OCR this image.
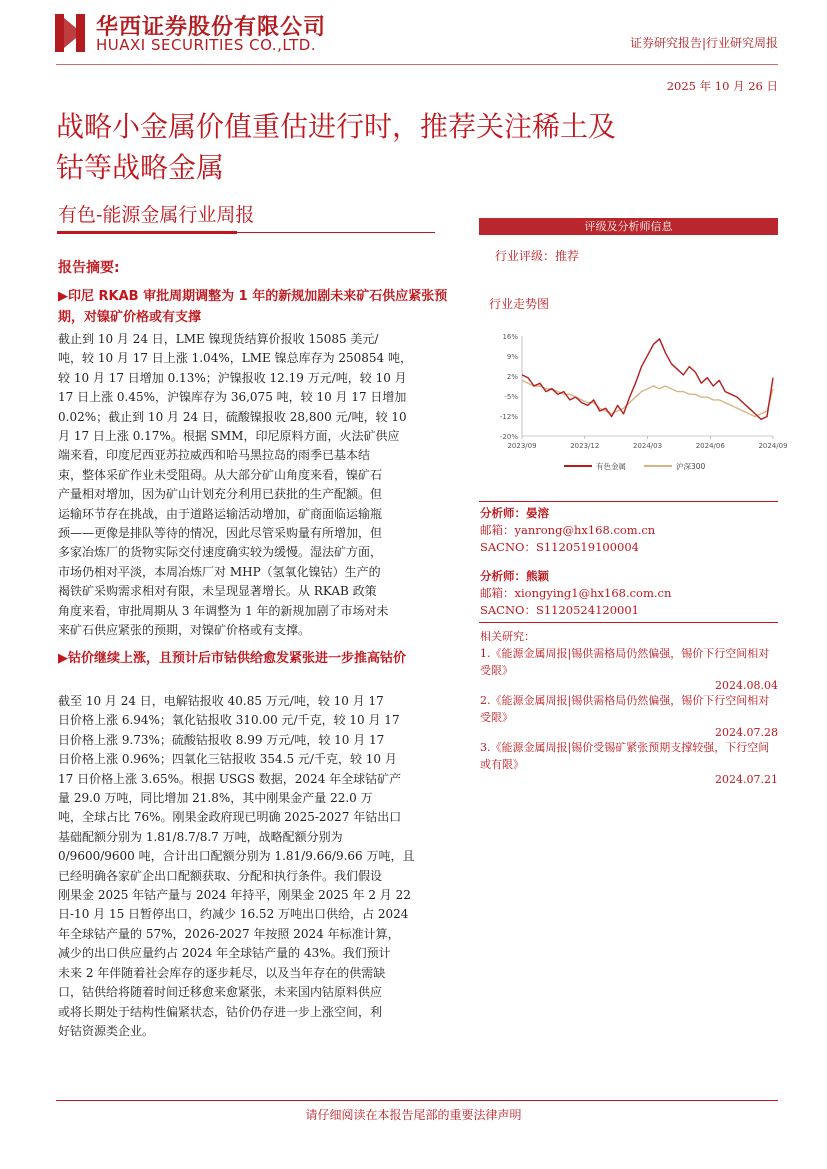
华西证券股份有限公司
HUAXI SECURITIES CO.,LTD.	证券研究报告|行业研究周报
2025 年 10 月 26 日
战略小金属价值重估进行时，推荐关注稀土及
钴等战略金属
有色-能源金属行业周报
报告摘要:
▶印尼 RKAB 审批周期调整为 1 年的新规加剧未来矿石供应紧张预期，对镍矿价格或有支撑
截止到 10 月 24 日，LME 镍现货结算价报收 15085 美元/
吨，较 10 月 17 日上涨 1.04%，LME 镍总库存为 250854 吨，
较 10 月 17 日增加 0.13%；沪镍报收 12.19 万元/吨，较 10 月
17 日上涨 0.45%，沪镍库存为 36,075 吨，较 10 月 17 日增加
0.02%；截止到 10 月 24 日，硫酸镍报收 28,800 元/吨，较 10
月 17 日上涨 0.17%。根据 SMM，印尼原料方面，火法矿供应
端来看，印度尼西亚苏拉威西和哈马黑拉岛的雨季已基本结
束，整体采矿作业未受阻碍。从大部分矿山角度来看，镍矿石
产量相对增加，因为矿山计划充分利用已获批的生产配额。但
运输环节存在挑战，由于道路运输活动增加，矿商面临运输瓶
颈——更像是排队等待的情况，因此尽管采购量有所增加，但
多家冶炼厂的货物实际交付速度确实较为缓慢。湿法矿方面，
市场仍相对平淡，本周冶炼厂对 MHP（氢氧化镍钴）生产的
褐铁矿采购需求相对有限，未呈现显著增长。从 RKAB 政策
角度来看，审批周期从 3 年调整为 1 年的新规加剧了市场对未
来矿石供应紧张的预期，对镍矿价格或有支撑。
▶钴价继续上涨，且预计后市钴供给愈发紧张进一步推高钴价
截至 10 月 24 日，电解钴报收 40.85 万元/吨，较 10 月 17
日价格上涨 6.94%；氧化钴报收 310.00 元/千克，较 10 月 17
日价格上涨 9.73%；硫酸钴报收 8.99 万元/吨，较 10 月 17
日价格上涨 0.96%；四氧化三钴报收 354.5 元/千克，较 10 月
17 日价格上涨 3.65%。根据 USGS 数据，2024 年全球钴矿产
量 29.0 万吨，同比增加 21.8%，其中刚果金产量 22.0 万
吨，全球占比 76%。刚果金政府现已明确 2025-2027 年钴出口
基础配额分别为 1.81/8.7/8.7 万吨，战略配额分别为
0/9600/9600 吨，合计出口配额分别为 1.81/9.66/9.66 万吨，且
已经明确各家矿企出口配额获取、分配和执行条件。我们假设
刚果金 2025 年钴产量与 2024 年持平，刚果金 2025 年 2 月 22
日-10 月 15 日暂停出口，约减少 16.52 万吨出口供给，占 2024
年全球钴产量的 57%，2026-2027 年按照 2024 年标准计算，
减少的出口供应量约占 2024 年全球钴产量的 43%。我们预计
未来 2 年伴随着社会库存的逐步耗尽，以及当年存在的供需缺
口，钴供给将随着时间迁移愈来愈紧张，未来国内钴原料供应
或将长期处于结构性偏紧状态，钴价仍存进一步上涨空间，利
好钴资源类企业。
评级及分析师信息
行业评级：推荐
行业走势图
16%
9%
2%
-5%
-12%
-20%
2023/09	2023/12	2024/03	2024/06	2024/09
有色金属	沪深300
分析师：晏溶
邮箱：yanrong@hx168.com.cn
SACNO：S1120519100004
分析师：熊颖
邮箱：xiongying1@hx168.com.cn
SACNO：S1120524120001
相关研究：
1.《能源金属周报|锡供需格局仍然偏强，锡价下行空间相对受限》
2024.08.04
2.《能源金属周报|锡供需格局仍然偏强，锡价下行空间相对受限》
2024.07.28
3.《能源金属周报|锡价受锡矿紧张预期支撑较强，下行空间或有限》
2024.07.21
请仔细阅读在本报告尾部的重要法律声明
